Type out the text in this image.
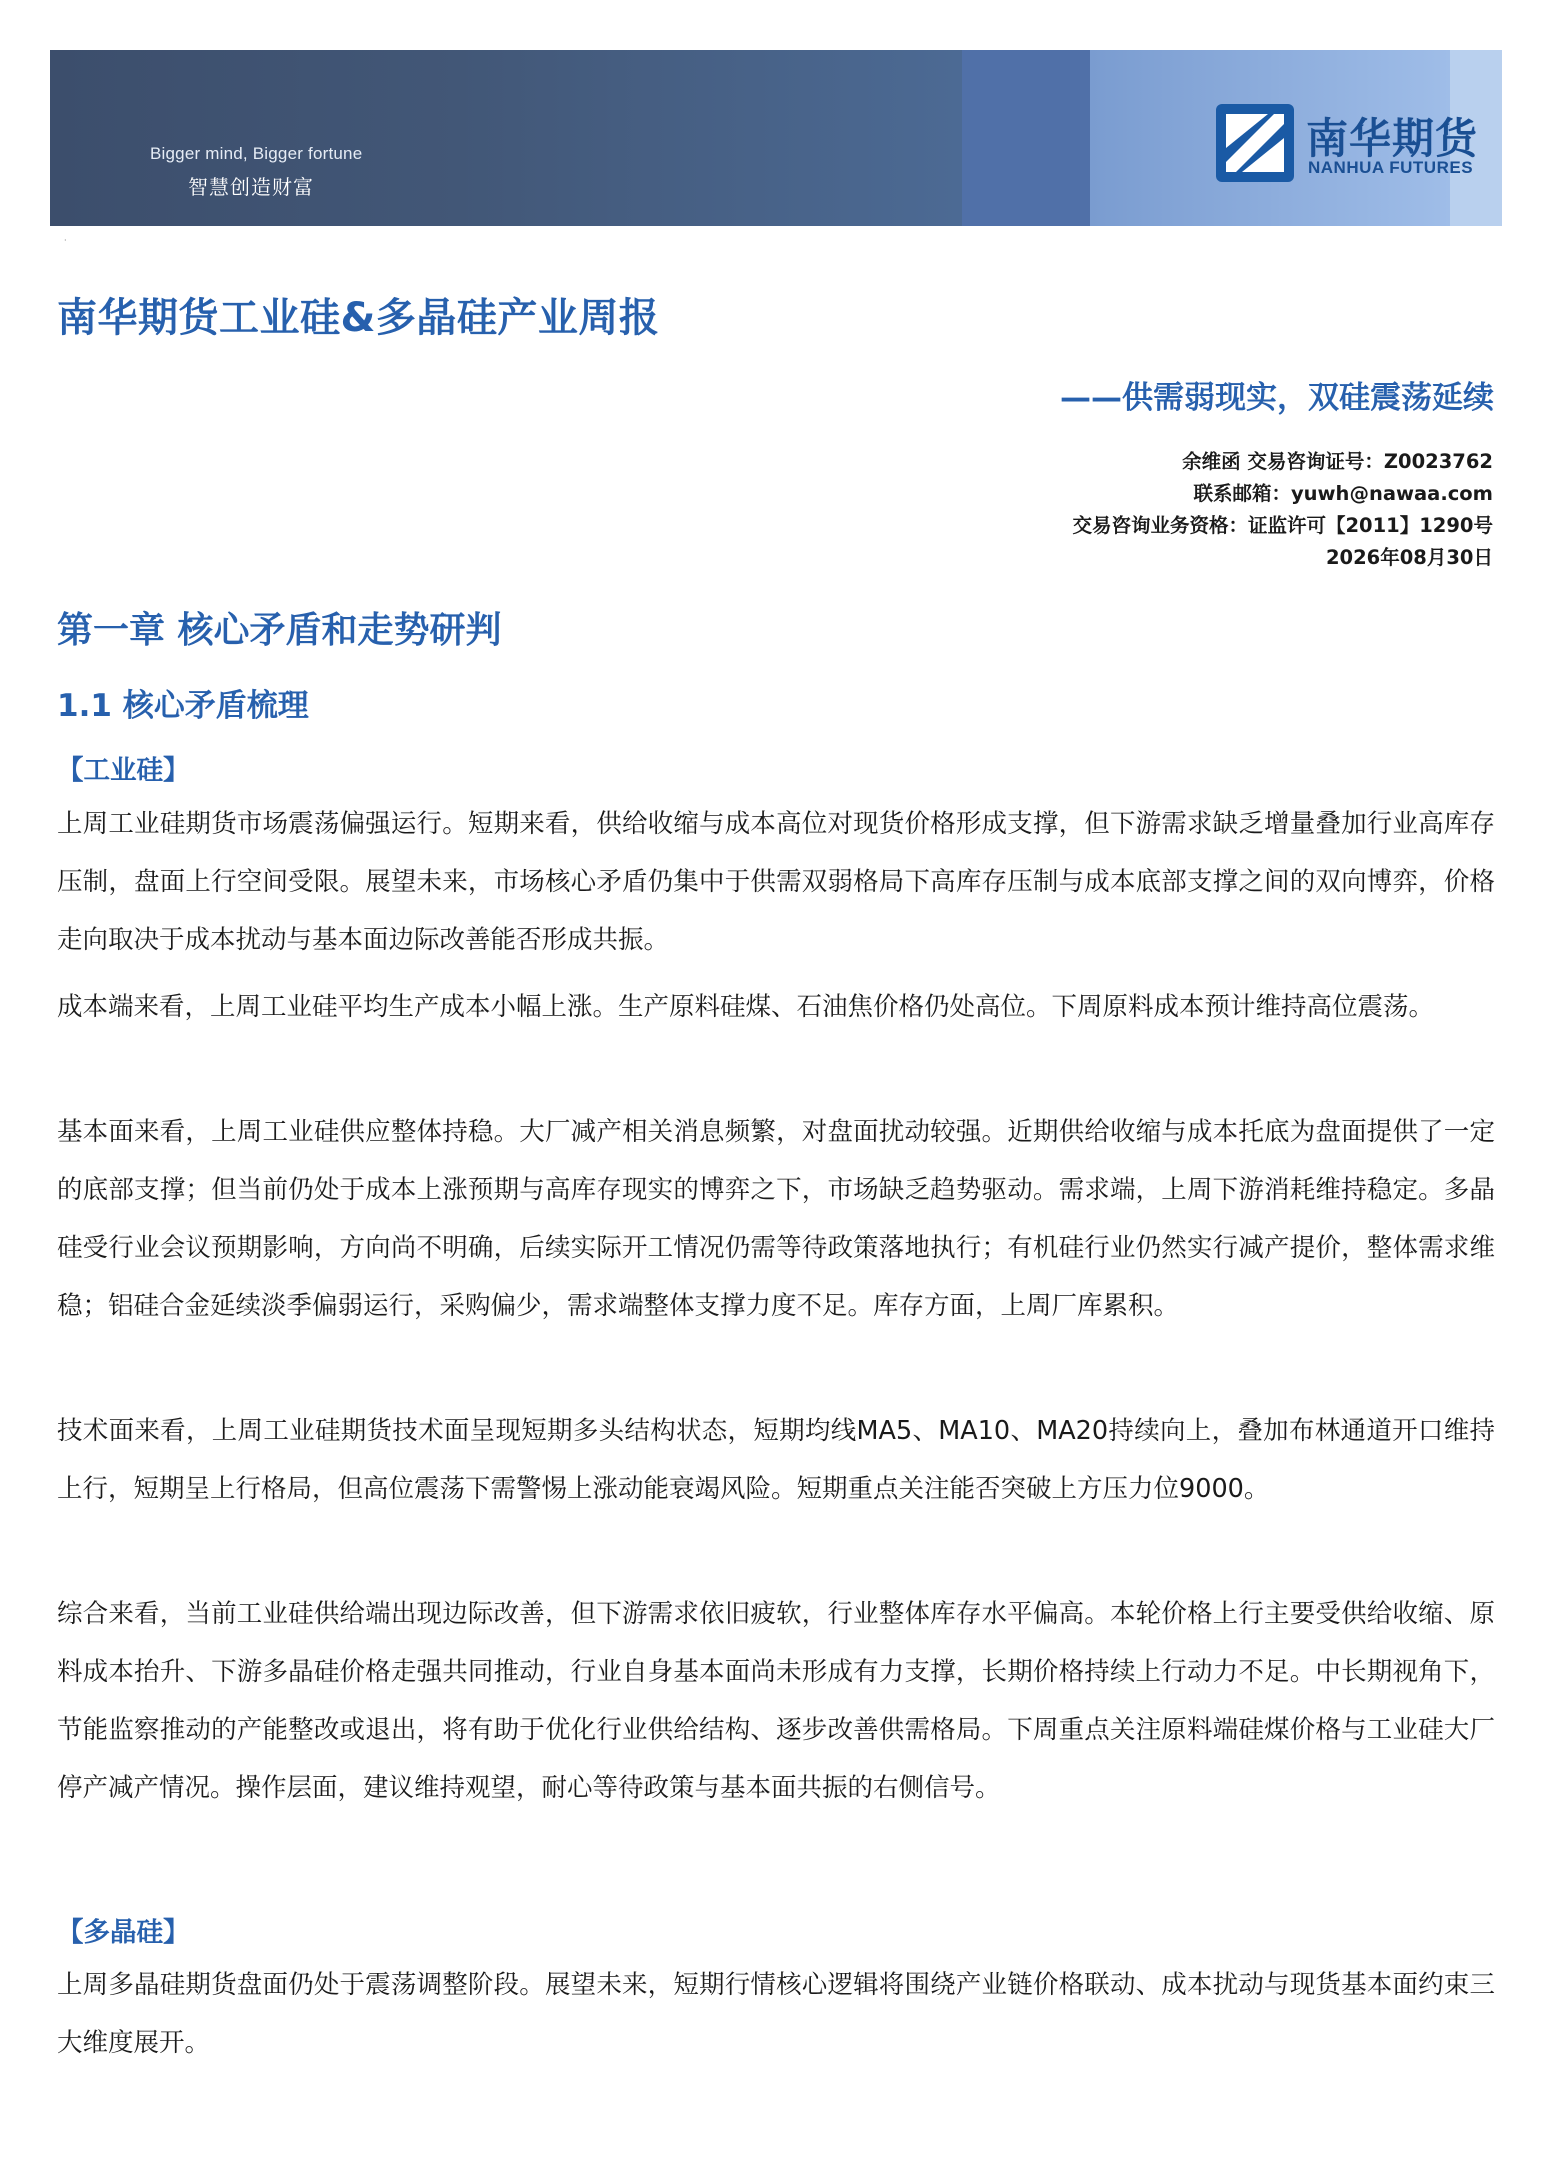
Bigger mind, Bigger fortune
智慧创造财富
南华期货
NANHUA FUTURES
·
南华期货工业硅&多晶硅产业周报
——供需弱现实，双硅震荡延续
余维函 交易咨询证号：Z0023762
联系邮箱：yuwh@nawaa.com
交易咨询业务资格：证监许可【2011】1290号
2026年08月30日
第一章 核心矛盾和走势研判
1.1 核心矛盾梳理
【工业硅】

上周工业硅期货市场震荡偏强运行。短期来看，供给收缩与成本高位对现货价格形成支撑，但下游需求缺乏增量叠加行业高库存压制，盘面上行空间受限。展望未来，市场核心矛盾仍集中于供需双弱格局下高库存压制与成本底部支撑之间的双向博弈，价格走向取决于成本扰动与基本面边际改善能否形成共振。

成本端来看，上周工业硅平均生产成本小幅上涨。生产原料硅煤、石油焦价格仍处高位。下周原料成本预计维持高位震荡。

基本面来看，上周工业硅供应整体持稳。大厂减产相关消息频繁，对盘面扰动较强。近期供给收缩与成本托底为盘面提供了一定的底部支撑；但当前仍处于成本上涨预期与高库存现实的博弈之下，市场缺乏趋势驱动。需求端，上周下游消耗维持稳定。多晶硅受行业会议预期影响，方向尚不明确，后续实际开工情况仍需等待政策落地执行；有机硅行业仍然实行减产提价，整体需求维稳；铝硅合金延续淡季偏弱运行，采购偏少，需求端整体支撑力度不足。库存方面，上周厂库累积。

技术面来看，上周工业硅期货技术面呈现短期多头结构状态，短期均线MA5、MA10、MA20持续向上，叠加布林通道开口维持上行，短期呈上行格局，但高位震荡下需警惕上涨动能衰竭风险。短期重点关注能否突破上方压力位9000。

综合来看，当前工业硅供给端出现边际改善，但下游需求依旧疲软，行业整体库存水平偏高。本轮价格上行主要受供给收缩、原料成本抬升、下游多晶硅价格走强共同推动，行业自身基本面尚未形成有力支撑，长期价格持续上行动力不足。中长期视角下，节能监察推动的产能整改或退出，将有助于优化行业供给结构、逐步改善供需格局。下周重点关注原料端硅煤价格与工业硅大厂停产减产情况。操作层面，建议维持观望，耐心等待政策与基本面共振的右侧信号。

【多晶硅】

上周多晶硅期货盘面仍处于震荡调整阶段。展望未来，短期行情核心逻辑将围绕产业链价格联动、成本扰动与现货基本面约束三大维度展开。
